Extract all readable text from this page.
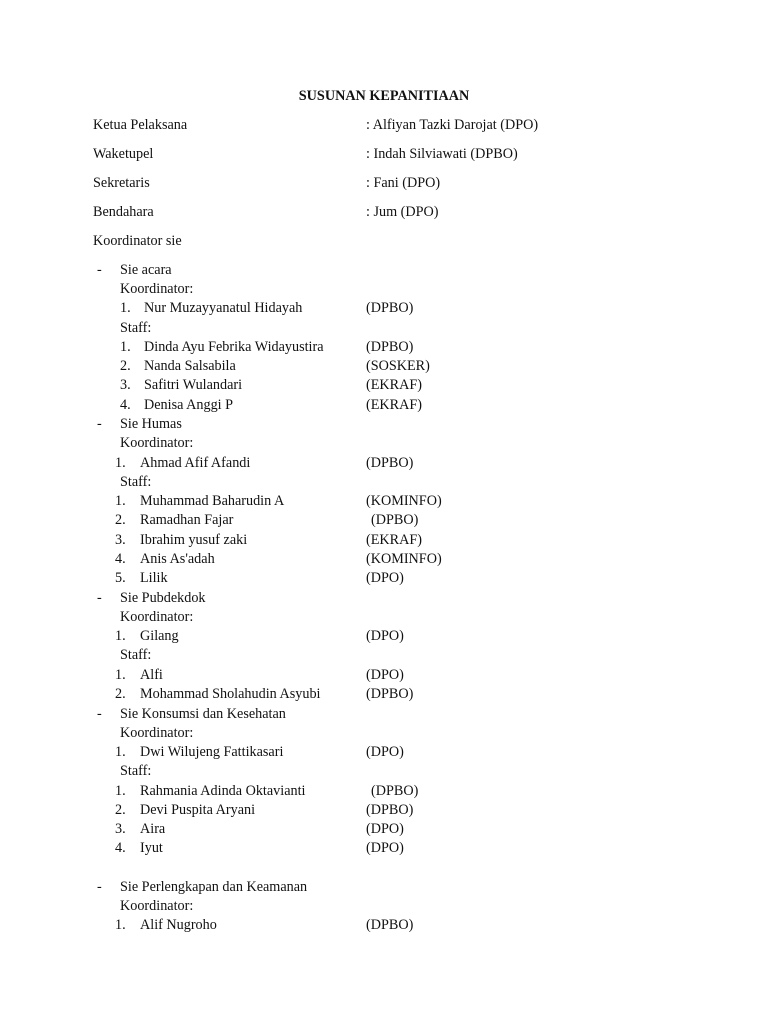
SUSUNAN KEPANITIAAN
Ketua Pelaksana	: Alfiyan Tazki Darojat (DPO)
Waketupel	: Indah Silviawati (DPBO)
Sekretaris	: Fani (DPO)
Bendahara	: Jum (DPO)
Koordinator sie
- Sie acara
Koordinator:
1. Nur Muzayyanatul Hidayah	(DPBO)
Staff:
1. Dinda Ayu Febrika Widayustira	(DPBO)
2. Nanda Salsabila	(SOSKER)
3. Safitri Wulandari	(EKRAF)
4. Denisa Anggi P	(EKRAF)
- Sie Humas
Koordinator:
1. Ahmad Afif Afandi	(DPBO)
Staff:
1. Muhammad Baharudin A	(KOMINFO)
2. Ramadhan Fajar	(DPBO)
3. Ibrahim yusuf zaki	(EKRAF)
4. Anis As'adah	(KOMINFO)
5. Lilik	(DPO)
- Sie Pubdekdok
Koordinator:
1. Gilang	(DPO)
Staff:
1. Alfi	(DPO)
2. Mohammad Sholahudin Asyubi	(DPBO)
- Sie Konsumsi dan Kesehatan
Koordinator:
1. Dwi Wilujeng Fattikasari	(DPO)
Staff:
1. Rahmania Adinda Oktavianti	(DPBO)
2. Devi Puspita Aryani	(DPBO)
3. Aira	(DPO)
4. Iyut	(DPO)
- Sie Perlengkapan dan Keamanan
Koordinator:
1. Alif Nugroho	(DPBO)
